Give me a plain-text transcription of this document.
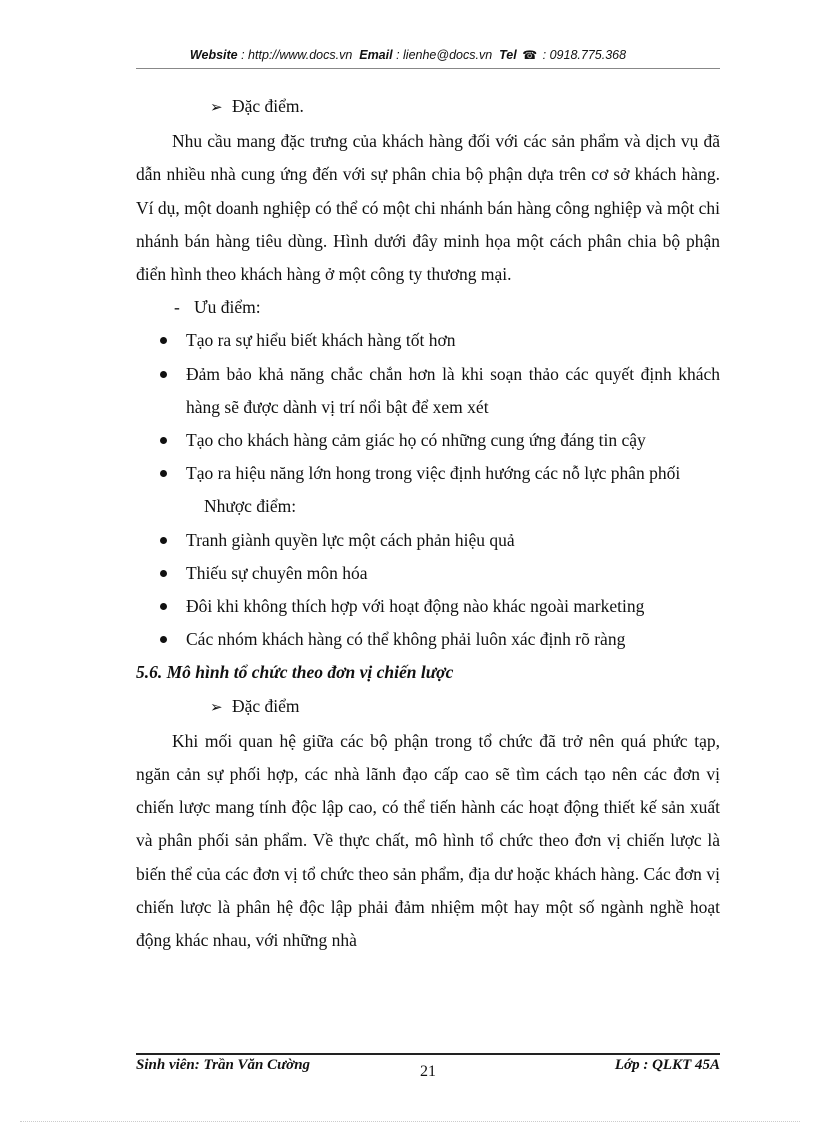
Website : http://www.docs.vn Email : lienhe@docs.vn Tel ☎ : 0918.775.368

➢ Đặc điểm.

Nhu cầu mang đặc trưng của khách hàng đối với các sản phẩm và dịch vụ đã dẫn nhiều nhà cung ứng đến với sự phân chia bộ phận dựa trên cơ sở khách hàng. Ví dụ, một doanh nghiệp có thể có một chi nhánh bán hàng công nghiệp và một chi nhánh bán hàng tiêu dùng. Hình dưới đây minh họa một cách phân chia bộ phận điển hình theo khách hàng ở một công ty thương mại.

- Ưu điểm:

Tạo ra sự hiểu biết khách hàng tốt hơn
Đảm bảo khả năng chắc chắn hơn là khi soạn thảo các quyết định khách hàng sẽ được dành vị trí nổi bật để xem xét
Tạo cho khách hàng cảm giác họ có những cung ứng đáng tin cậy
Tạo ra hiệu năng lớn hong trong việc định hướng các nỗ lực phân phối

Nhược điểm:

Tranh giành quyền lực một cách phản hiệu quả
Thiếu sự chuyên môn hóa
Đôi khi không thích hợp với hoạt động nào khác ngoài marketing
Các nhóm khách hàng có thể không phải luôn xác định rõ ràng

5.6. Mô hình tổ chức theo đơn vị chiến lược

➢ Đặc điểm

Khi mối quan hệ giữa các bộ phận trong tổ chức đã trở nên quá phức tạp, ngăn cản sự phối hợp, các nhà lãnh đạo cấp cao sẽ tìm cách tạo nên các đơn vị chiến lược mang tính độc lập cao, có thể tiến hành các hoạt động thiết kế sản xuất và phân phối sản phẩm. Về thực chất, mô hình tổ chức theo đơn vị chiến lược là biến thể của các đơn vị tổ chức theo sản phẩm, địa dư hoặc khách hàng. Các đơn vị chiến lược là phân hệ độc lập phải đảm nhiệm một hay một số ngành nghề hoạt động khác nhau, với những nhà

Sinh viên: Trần Văn Cường	21	Lớp : QLKT 45A
